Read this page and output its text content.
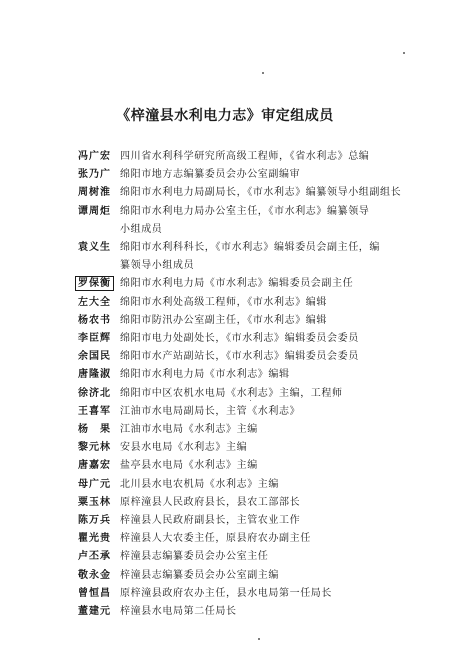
《梓潼县水利电力志》审定组成员
冯广宏 四川省水利科学研究所高级工程师，《省水利志》总编
张乃广 绵阳市地方志编纂委员会办公室副编审
周树淮 绵阳市水利电力局副局长，《市水利志》编纂领导小组副组长
谭周炬 绵阳市水利电力局办公室主任，《市水利志》编纂领导
小组成员
袁义生 绵阳市水利科科长，《市水利志》编辑委员会副主任，编
纂领导小组成员
罗保衡 绵阳市水利电力局《市水利志》编辑委员会副主任
左大全 绵阳市水利处高级工程师，《市水利志》编辑
杨农书 绵阳市防汛办公室副主任，《市水利志》编辑
李臣辉 绵阳市电力处副处长，《市水利志》编辑委员会委员
余国民 绵阳市水产站副站长，《市水利志》编辑委员会委员
唐隆淑 绵阳市水利电力局《市水利志》编辑
徐济北 绵阳市中区农机水电局《水利志》主编，工程师
王喜军 江油市水电局副局长，主管《水利志》
杨　果 江油市水电局《水利志》主编
黎元林 安县水电局《水利志》主编
唐嘉宏 盐亭县水电局《水利志》主编
母广元 北川县水电农机局《水利志》主编
粟玉林 原梓潼县人民政府县长，县农工部部长
陈万兵 梓潼县人民政府副县长，主管农业工作
瞿光贵 梓潼县人大农委主任，原县府农办副主任
卢丕承 梓潼县志编纂委员会办公室主任
敬永金 梓潼县志编纂委员会办公室副主编
曾恒昌 原梓潼县政府农办主任，县水电局第一任局长
董建元 梓潼县水电局第二任局长
